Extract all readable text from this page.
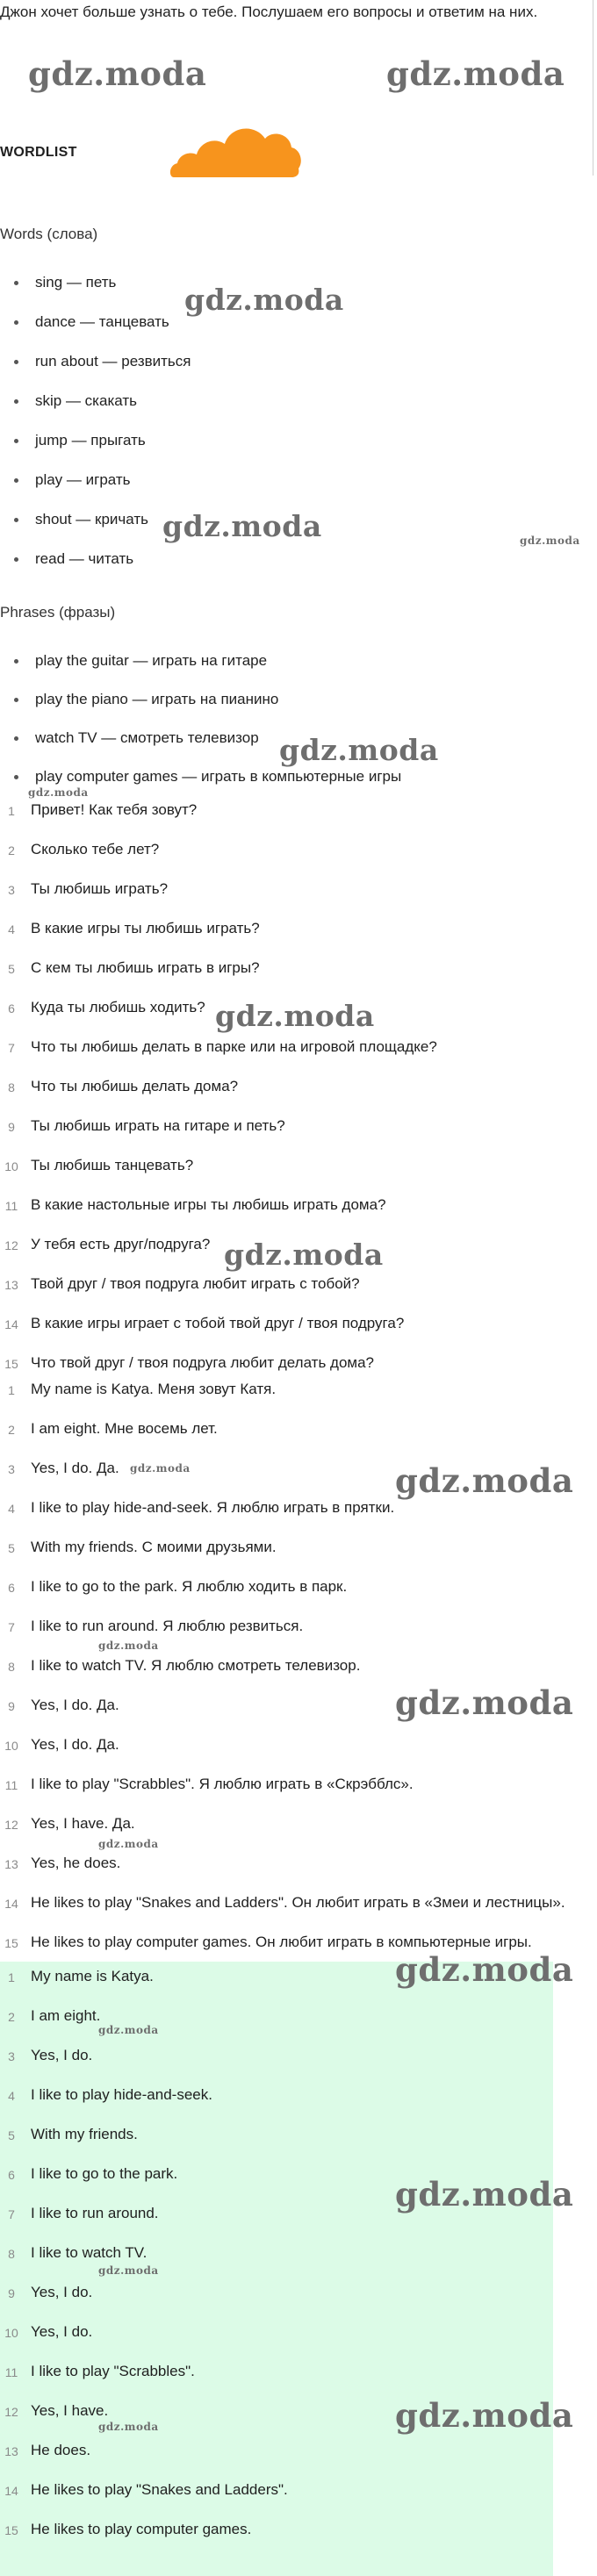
Джон хочет больше узнать о тебе. Послушаем его вопросы и ответим на них.
WORDLIST
Words (слова)
sing — петь
dance — танцевать
run about — резвиться
skip — скакать
jump — прыгать
play — играть
shout — кричать
read — читать
Phrases (фразы)
play the guitar — играть на гитаре
play the piano — играть на пианино
watch TV — смотреть телевизор
play computer games — играть в компьютерные игры
1	Привет! Как тебя зовут?
2	Сколько тебе лет?
3	Ты любишь играть?
4	В какие игры ты любишь играть?
5	С кем ты любишь играть в игры?
6	Куда ты любишь ходить?
7	Что ты любишь делать в парке или на игровой площадке?
8	Что ты любишь делать дома?
9	Ты любишь играть на гитаре и петь?
10 Ты любишь танцевать?
11 В какие настольные игры ты любишь играть дома?
12 У тебя есть друг/подруга?
13 Твой друг / твоя подруга любит играть с тобой?
14 В какие игры играет с тобой твой друг / твоя подруга?
15 Что твой друг / твоя подруга любит делать дома?
1	My name is Katya. Меня зовут Катя.
2	I am eight. Мне восемь лет.
3	Yes, I do. Да.
4	I like to play hide-and-seek. Я люблю играть в прятки.
5	With my friends. С моими друзьями.
6	I like to go to the park. Я люблю ходить в парк.
7	I like to run around. Я люблю резвиться.
8	I like to watch TV. Я люблю смотреть телевизор.
9	Yes, I do. Да.
10 Yes, I do. Да.
11 I like to play "Scrabbles". Я люблю играть в «Скрэбблс».
12 Yes, I have. Да.
13 Yes, he does.
14 He likes to play "Snakes and Ladders". Он любит играть в «Змеи и лестницы».
15 He likes to play computer games. Он любит играть в компьютерные игры.
1	My name is Katya.
2	I am eight.
3	Yes, I do.
4	I like to play hide-and-seek.
5	With my friends.
6	I like to go to the park.
7	I like to run around.
8	I like to watch TV.
9	Yes, I do.
10 Yes, I do.
11 I like to play "Scrabbles".
12 Yes, I have.
13 He does.
14 He likes to play "Snakes and Ladders".
15 He likes to play computer games.
gdz.moda	gdz.moda
gdz.moda
gdz.moda	gdz.moda
gdz.moda
gdz.moda
gdz.moda
gdz.moda
gdz.moda	gdz.moda
gdz.moda
gdz.moda
gdz.moda
gdz.moda
gdz.moda
gdz.moda
gdz.moda
gdz.moda
gdz.moda
